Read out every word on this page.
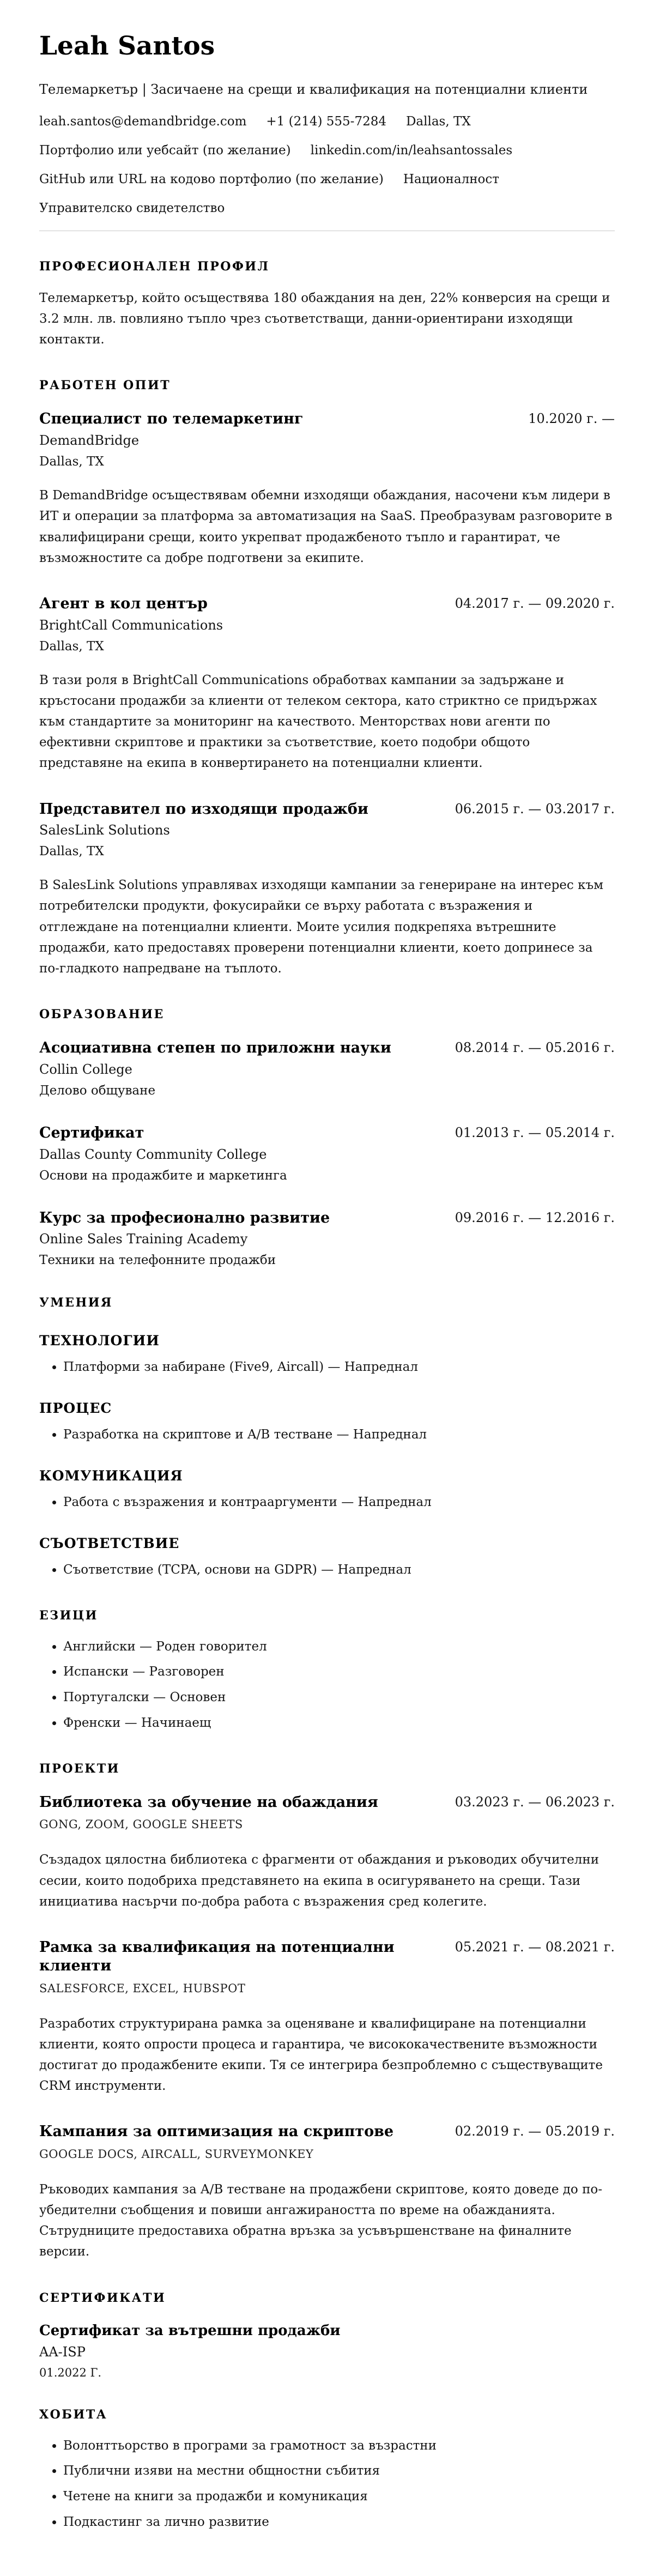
Leah Santos
Телемаркетър | Засичаене на срещи и квалификация на потенциални клиенти
leah.santos@demandbridge.com +1 (214) 555-7284 Dallas, TX
Портфолио или уебсайт (по желание) linkedin.com/in/leahsantossales
GitHub или URL на кодово портфолио (по желание) Националност
Управителско свидетелство
ПРОФЕСИОНАЛЕН ПРОФИЛ

Телемаркетър, който осъществява 180 обаждания на ден, 22% конверсия на срещи и 3.2 млн. лв. повлияно тъпло чрез съответстващи, данни-ориентирани изходящи контакти.

РАБОТЕН ОПИТ
Специалист по телемаркетинг	10.2020 г. —
DemandBridge
Dallas, TX

В DemandBridge осъществявам обемни изходящи обаждания, насочени към лидери в ИТ и операции за платформа за автоматизация на SaaS. Преобразувам разговорите в квалифицирани срещи, които укрепват продажбеното тъпло и гарантират, че възможностите са добре подготвени за екипите.

Агент в кол център	04.2017 г. — 09.2020 г.
BrightCall Communications
Dallas, TX

В тази роля в BrightCall Communications обработвах кампании за задържане и кръстосани продажби за клиенти от телеком сектора, като стриктно се придържах към стандартите за мониторинг на качеството. Менторствах нови агенти по ефективни скриптове и практики за съответствие, което подобри общото представяне на екипа в конвертирането на потенциални клиенти.

Представител по изходящи продажби	06.2015 г. — 03.2017 г.
SalesLink Solutions
Dallas, TX

В SalesLink Solutions управлявах изходящи кампании за генериране на интерес към потребителски продукти, фокусирайки се върху работата с възражения и отглеждане на потенциални клиенти. Моите усилия подкрепяха вътрешните продажби, като предоставях проверени потенциални клиенти, което допринесе за по-гладкото напредване на тъплото.

ОБРАЗОВАНИЕ
Асоциативна степен по приложни науки	08.2014 г. — 05.2016 г.
Collin College
Делово общуване
Сертификат	01.2013 г. — 05.2014 г.
Dallas County Community College
Основи на продажбите и маркетинга
Курс за професионално развитие	09.2016 г. — 12.2016 г.
Online Sales Training Academy
Техники на телефонните продажби
УМЕНИЯ
ТЕХНОЛОГИИ
• Платформи за набиране (Five9, Aircall) — Напреднал
ПРОЦЕС
• Разработка на скриптове и A/B тестване — Напреднал
КОМУНИКАЦИЯ
• Работа с възражения и контрааргументи — Напреднал
СЪОТВЕТСТВИЕ
• Съответствие (TCPA, основи на GDPR) — Напреднал
ЕЗИЦИ
• Английски — Роден говорител
• Испански — Разговорен
• Португалски — Основен
• Френски — Начинаещ
ПРОЕКТИ
Библиотека за обучение на обаждания	03.2023 г. — 06.2023 г.
GONG, ZOOM, GOOGLE SHEETS

Създадох цялостна библиотека с фрагменти от обаждания и ръководих обучителни сесии, които подобриха представянето на екипа в осигуряването на срещи. Тази инициатива насърчи по-добра работа с възражения сред колегите.

Рамка за квалификация на потенциални клиенти
05.2021 г. — 08.2021 г.
SALESFORCE, EXCEL, HUBSPOT

Разработих структурирана рамка за оценяване и квалифициране на потенциални клиенти, която опрости процеса и гарантира, че висококачествените възможности достигат до продажбените екипи. Тя се интегрира безпроблемно с съществуващите CRM инструменти.

Кампания за оптимизация на скриптове	02.2019 г. — 05.2019 г.
GOOGLE DOCS, AIRCALL, SURVEYMONKEY

Ръководих кампания за A/B тестване на продажбени скриптове, която доведе до по-убедителни съобщения и повиши ангажираността по време на обажданията. Сътрудниците предоставиха обратна връзка за усъвършенстване на финалните версии.

СЕРТИФИКАТИ
Сертификат за вътрешни продажби
AA-ISP
01.2022 Г.
ХОБИТА
• Волонттьорство в програми за грамотност за възрастни
• Публични изяви на местни общностни събития
• Четене на книги за продажби и комуникация
• Подкастинг за лично развитие
